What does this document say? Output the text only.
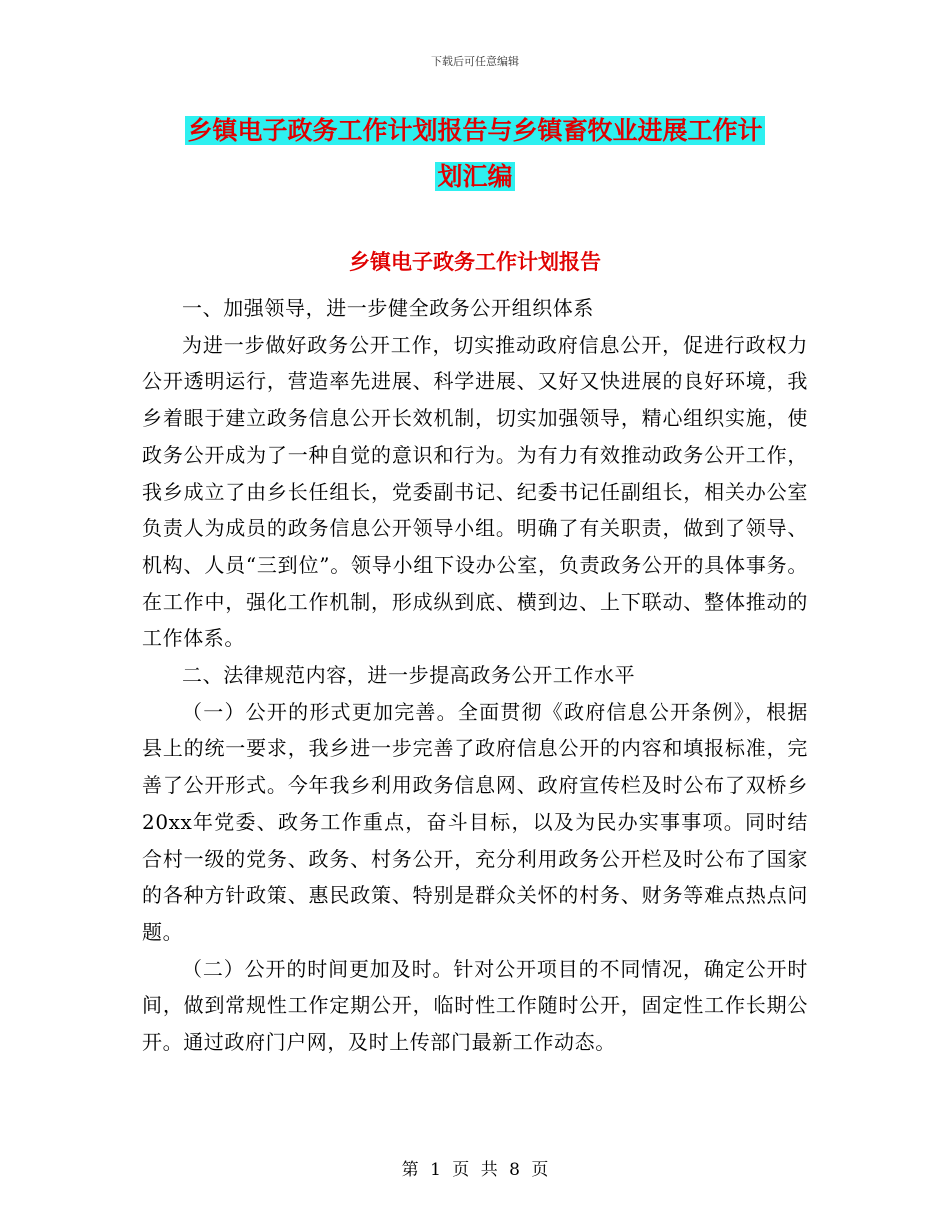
下载后可任意编辑
乡镇电子政务工作计划报告与乡镇畜牧业进展工作计
划汇编
乡镇电子政务工作计划报告

一、加强领导，进一步健全政务公开组织体系

为进一步做好政务公开工作，切实推动政府信息公开，促进行政权力公开透明运行，营造率先进展、科学进展、又好又快进展的良好环境，我乡着眼于建立政务信息公开长效机制，切实加强领导，精心组织实施，使政务公开成为了一种自觉的意识和行为。为有力有效推动政务公开工作，我乡成立了由乡长任组长，党委副书记、纪委书记任副组长，相关办公室负责人为成员的政务信息公开领导小组。明确了有关职责，做到了领导、机构、人员“三到位”。领导小组下设办公室，负责政务公开的具体事务。在工作中，强化工作机制，形成纵到底、横到边、上下联动、整体推动的工作体系。

二、法律规范内容，进一步提高政务公开工作水平

（一）公开的形式更加完善。全面贯彻《政府信息公开条例》，根据县上的统一要求，我乡进一步完善了政府信息公开的内容和填报标准，完善了公开形式。今年我乡利用政务信息网、政府宣传栏及时公布了双桥乡20xx年党委、政务工作重点，奋斗目标，以及为民办实事事项。同时结合村一级的党务、政务、村务公开，充分利用政务公开栏及时公布了国家的各种方针政策、惠民政策、特别是群众关怀的村务、财务等难点热点问题。

（二）公开的时间更加及时。针对公开项目的不同情况，确定公开时间，做到常规性工作定期公开，临时性工作随时公开，固定性工作长期公开。通过政府门户网，及时上传部门最新工作动态。

第 1 页 共 8 页
